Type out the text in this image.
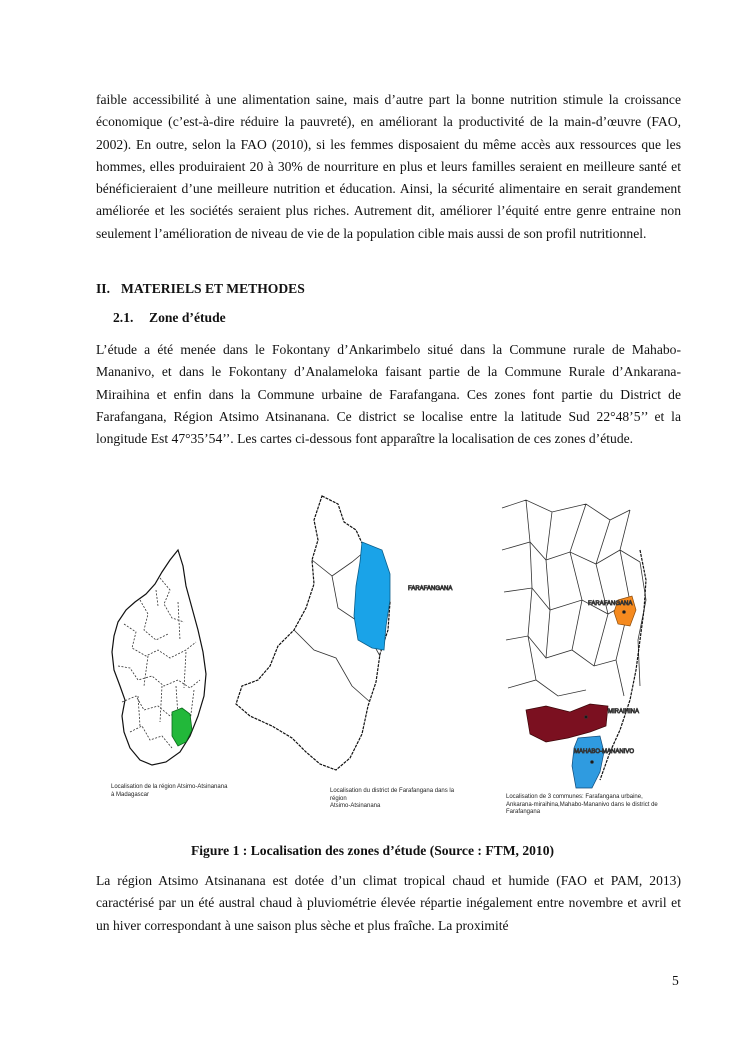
faible accessibilité à une alimentation saine, mais d’autre part la bonne nutrition stimule la croissance économique (c’est-à-dire réduire la pauvreté), en améliorant la productivité de la main-d’œuvre (FAO, 2002). En outre, selon la FAO (2010), si les femmes disposaient du même accès aux ressources que les hommes, elles produiraient 20 à 30% de nourriture en plus et leurs familles seraient en meilleure santé et bénéficieraient d’une meilleure nutrition et éducation. Ainsi, la sécurité alimentaire en serait grandement améliorée et les sociétés seraient plus riches. Autrement dit, améliorer l’équité entre genre entraine non seulement l’amélioration de niveau de vie de la population cible mais aussi de son profil nutritionnel.

II. MATERIELS ET METHODES
2.1. Zone d’étude

L’étude a été menée dans le Fokontany d’Ankarimbelo situé dans la Commune rurale de Mahabo-Mananivo, et dans le Fokontany d’Analameloka faisant partie de la Commune Rurale d’Ankarana-Miraihina et enfin dans la Commune urbaine de Farafangana. Ces zones font partie du District de Farafangana, Région Atsimo Atsinanana. Ce district se localise entre la latitude Sud 22°48’5’’ et la longitude Est 47°35’54’’. Les cartes ci-dessous font apparaître la localisation de ces zones d’étude.

FARAFANGANA
FARAFANGANA
MIRAIHINA
MAHABO-MANANIVO
Localisation de la région Atsimo-Atsinanana
à Madagascar
Localisation du district de Farafangana dans la région
Atsimo-Atsinanana
Localisation de 3 communes: Farafangana urbaine,
Ankarana-miraihina,Mahabo-Mananivo dans le district de
Farafangana
Figure 1 : Localisation des zones d’étude (Source : FTM, 2010)

La région Atsimo Atsinanana est dotée d’un climat tropical chaud et humide (FAO et PAM, 2013) caractérisé par un été austral chaud à pluviométrie élevée répartie inégalement entre novembre et avril et un hiver correspondant à une saison plus sèche et plus fraîche. La proximité

5
